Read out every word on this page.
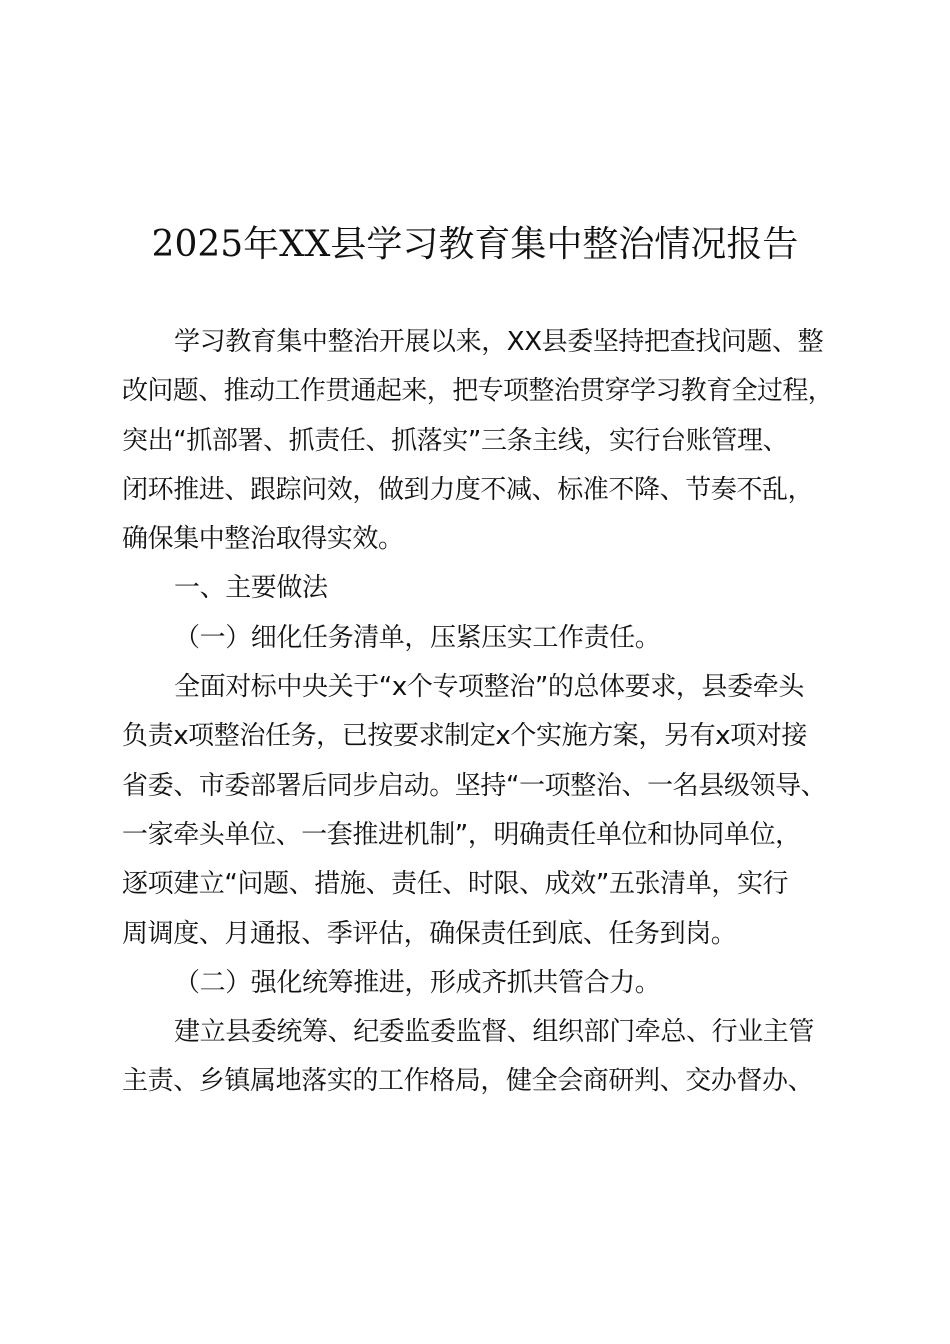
2025年XX县学习教育集中整治情况报告
学习教育集中整治开展以来，XX县委坚持把查找问题、整
改问题、推动工作贯通起来，把专项整治贯穿学习教育全过程，
突出“抓部署、抓责任、抓落实”三条主线，实行台账管理、
闭环推进、跟踪问效，做到力度不减、标准不降、节奏不乱，
确保集中整治取得实效。
一、主要做法
（一）细化任务清单，压紧压实工作责任。
全面对标中央关于“x个专项整治”的总体要求，县委牵头
负责x项整治任务，已按要求制定x个实施方案，另有x项对接
省委、市委部署后同步启动。坚持“一项整治、一名县级领导、
一家牵头单位、一套推进机制”，明确责任单位和协同单位，
逐项建立“问题、措施、责任、时限、成效”五张清单，实行
周调度、月通报、季评估，确保责任到底、任务到岗。
（二）强化统筹推进，形成齐抓共管合力。
建立县委统筹、纪委监委监督、组织部门牵总、行业主管
主责、乡镇属地落实的工作格局，健全会商研判、交办督办、
